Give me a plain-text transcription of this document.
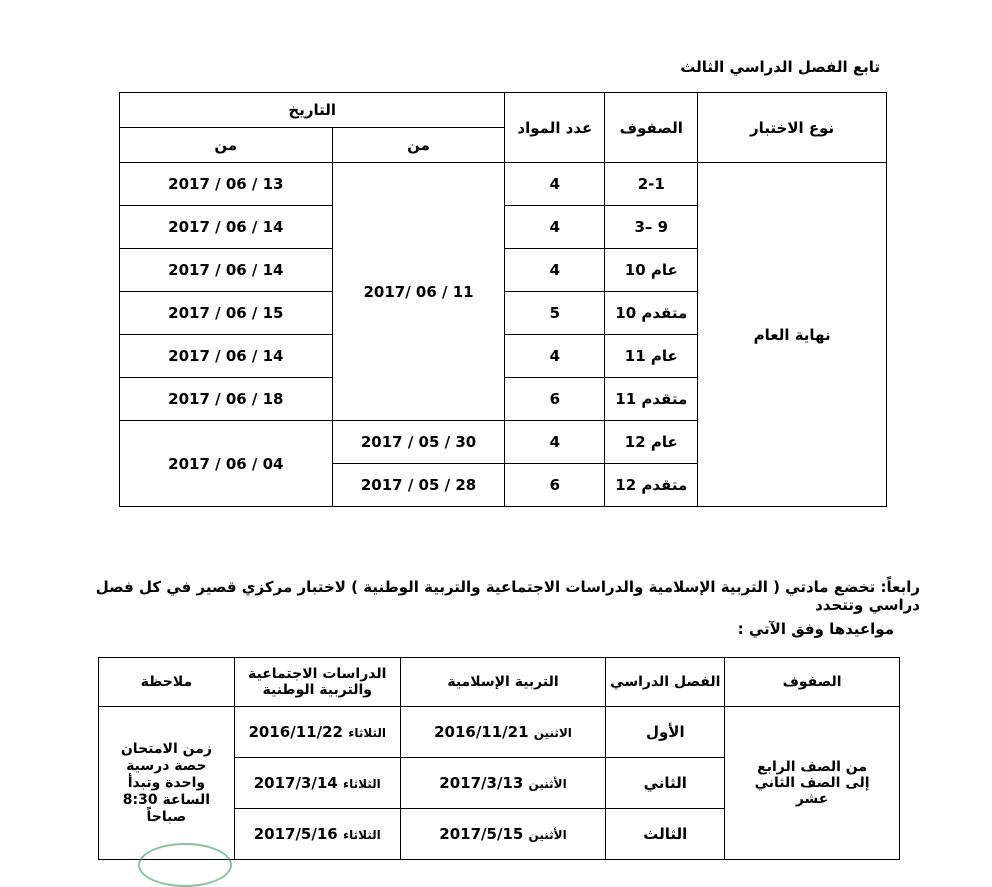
تابع الفصل الدراسي الثالث
التاريخ		عدد المواد	الصفوف	نوع الاختبار
من	من			
2017 / 06 / 13	2017/ 06 / 11	4	2-1	نهاية العام
2017 / 06 / 14		4	3– 9	
2017 / 06 / 14		4	10 عام	
2017 / 06 / 15		5	10 متقدم	
2017 / 06 / 14		4	11 عام	
2017 / 06 / 18		6	11 متقدم	
2017 / 06 / 04	2017 / 05 / 30	4	12 عام	
	2017 / 05 / 28	6	12 متقدم	
رابعاً: تخضع مادتي ( التربية الإسلامية والدراسات الاجتماعية والتربية الوطنية ) لاختبار مركزي قصير في كل فصل دراسي وتتحدد
مواعيدها وفق الآتي :
ملاحظة	الدراسات الاجتماعية والتربية الوطنية	التربية الإسلامية	الفصل الدراسي	الصفوف
زمن الامتحان حصة درسية واحدة وتبدأ الساعة 8:30 صباحاً	الثلاثاء 2016/11/22	الاثنين 2016/11/21	الأول	من الصف الرابع إلى الصف الثاني عشر
	الثلاثاء 2017/3/14	الأثنين 2017/3/13	الثاني	
	الثلاثاء 2017/5/16	الأثنين 2017/5/15	الثالث	
